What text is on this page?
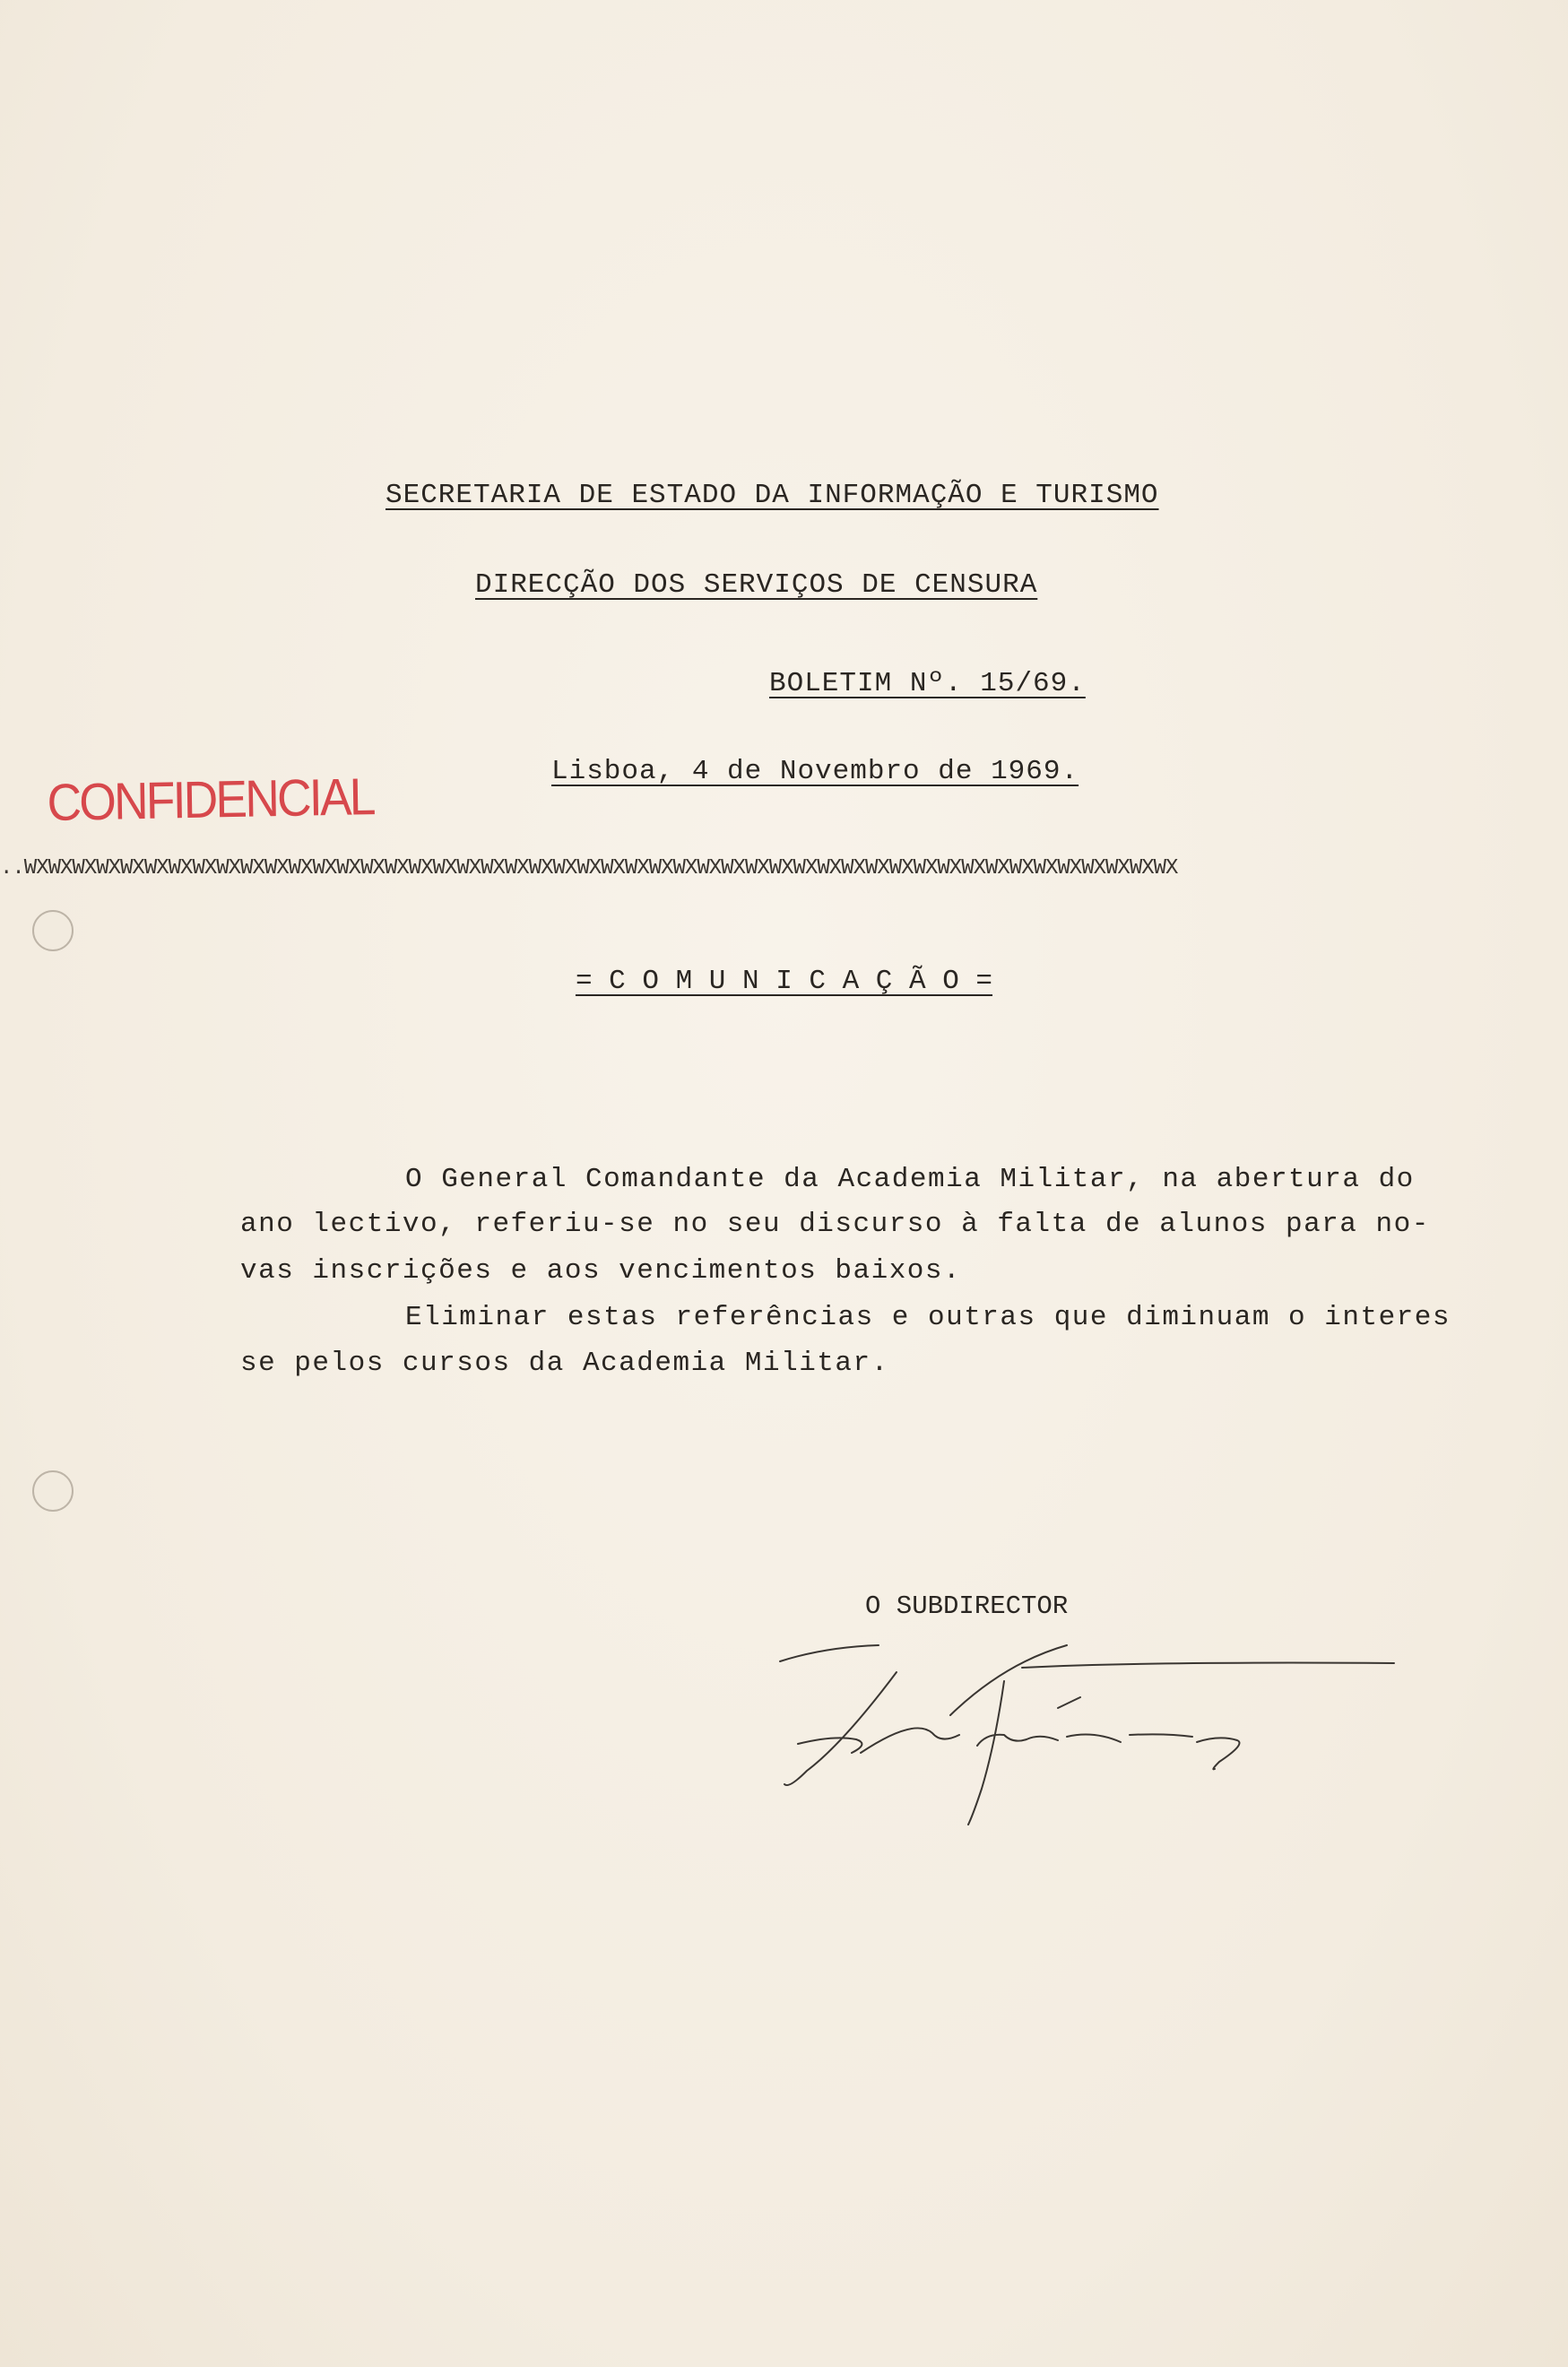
SECRETARIA DE ESTADO DA INFORMAÇÃO E TURISMO
DIRECÇÃO DOS SERVIÇOS DE CENSURA
BOLETIM Nº. 15/69.
Lisboa, 4 de Novembro de 1969.
CONFIDENCIAL
..WXWXWXWXWXWXWXWXWXWXWXWXWXWXWXWXWXWXWXWXWXWXWXWXWXWXWXWXWXWXWXWXWXWXWXWXWXWXWXWXWXWXWXWXWXWXWXWX
= C O M U N I C A Ç Ã O =
O General Comandante da Academia Militar, na abertura do
ano lectivo, referiu-se no seu discurso à falta de alunos para no-
vas inscrições e aos vencimentos baixos.
Eliminar estas referências e outras que diminuam o interes
se pelos cursos da Academia Militar.
O SUBDIRECTOR
